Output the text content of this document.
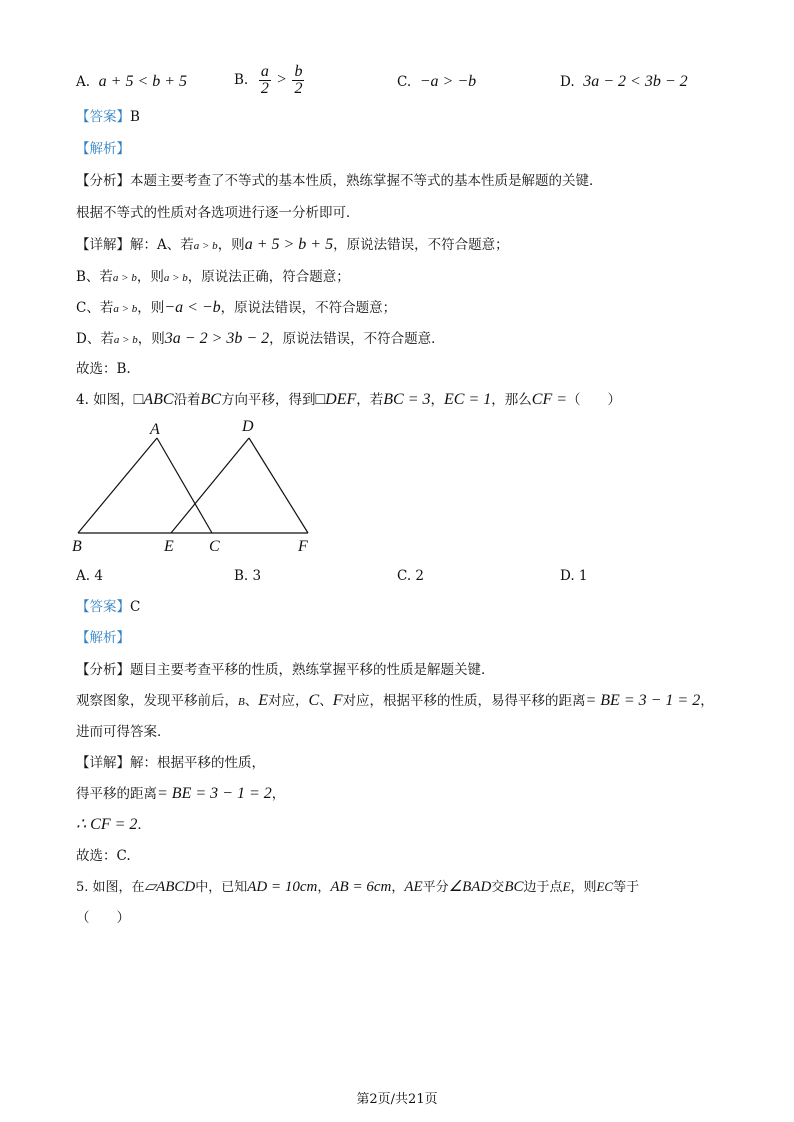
A. a + 5 < b + 5	B. $\frac{a}{2} > \frac{b}{2}$	C. −a > −b	D. 3a − 2 < 3b − 2
【答案】B
【解析】
【分析】本题主要考查了不等式的基本性质，熟练掌握不等式的基本性质是解题的关键．
根据不等式的性质对各选项进行逐一分析即可．
【详解】解：A、若a > b，则a + 5 > b + 5，原说法错误，不符合题意；
B、若a > b，则a > b，原说法正确，符合题意；
C、若a > b，则−a < −b，原说法错误，不符合题意；
D、若a > b，则3a − 2 > 3b − 2，原说法错误，不符合题意．
故选：B.
4. 如图，□ABC沿着BC方向平移，得到□DEF，若BC = 3，EC = 1，那么CF =（　　）
A	D
B	E C	F
A. 4	B. 3	C. 2	D. 1
【答案】C
【解析】
【分析】题目主要考查平移的性质，熟练掌握平移的性质是解题关键．
观察图象，发现平移前后，B、E对应，C、F对应，根据平移的性质，易得平移的距离= BE = 3 − 1 = 2，
进而可得答案．
【详解】解：根据平移的性质，
得平移的距离= BE = 3 − 1 = 2，
∴ CF = 2．
故选：C.
5. 如图，在▱ABCD中，已知AD = 10cm，AB = 6cm，AE平分∠BAD交BC边于点E，则EC等于
（　　）
第2页/共21页
